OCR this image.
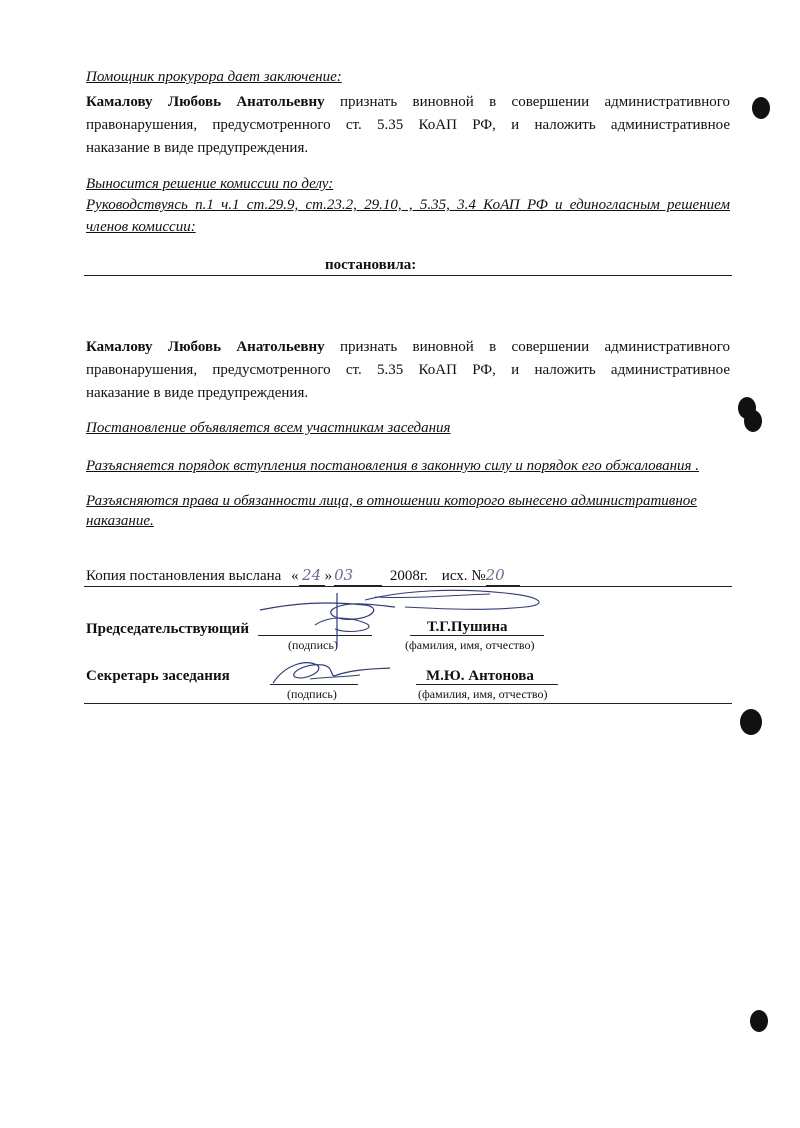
Помощник прокурора дает заключение:
Камалову Любовь Анатольевну признать виновной в совершении административного
правонарушения, предусмотренного ст. 5.35 КоАП РФ, и наложить административное
наказание в виде предупреждения.
Выносится решение комиссии по делу:
Руководствуясь п.1 ч.1 ст.29.9, ст.23.2, 29.10, , 5.35, 3.4 КоАП РФ и единогласным решением
членов комиссии:
постановила:
Камалову Любовь Анатольевну признать виновной в совершении административного
правонарушения, предусмотренного ст. 5.35 КоАП РФ, и наложить административное
наказание в виде предупреждения.
Постановление объявляется всем участникам заседания
Разъясняется порядок вступления постановления в законную силу и порядок его обжалования .
Разъясняются права и обязанности лица, в отношении которого вынесено административное
наказание.
Копия постановления выслана « 24 » 03 2008г. исх. №20
Председательствующий
(подпись)
Т.Г.Пушина
(фамилия, имя, отчество)
Секретарь заседания
(подпись)
М.Ю. Антонова
(фамилия, имя, отчество)
